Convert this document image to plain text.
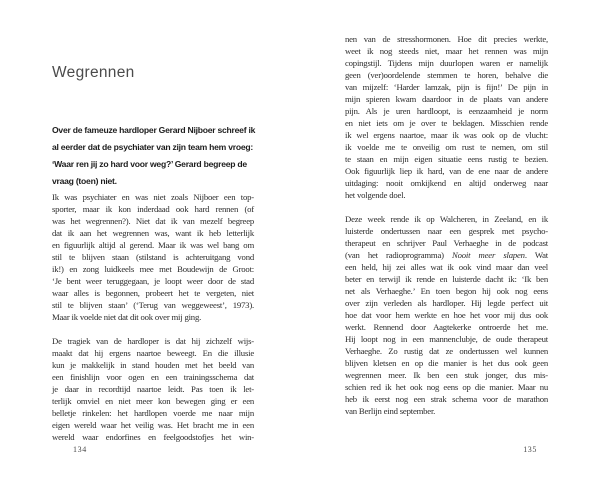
Wegrennen
Over de fameuze hardloper Gerard Nijboer schreef ik
al eerder dat de psychiater van zijn team hem vroeg:
‘Waar ren jij zo hard voor weg?’ Gerard begreep de
vraag (toen) niet.
Ik was psychiater en was niet zoals Nijboer een top-
sporter, maar ik kon inderdaad ook hard rennen (of
was het wegrennen?). Niet dat ik van mezelf begreep
dat ik aan het wegrennen was, want ik heb letterlijk
en figuurlijk altijd al gerend. Maar ik was wel bang om
stil te blijven staan (stilstand is achteruitgang vond
ik!) en zong luidkeels mee met Boudewijn de Groot:
‘Je bent weer teruggegaan, je loopt weer door de stad
waar alles is begonnen, probeert het te vergeten, niet
stil te blijven staan’ (‘Terug van weggeweest’, 1973).
Maar ik voelde niet dat dit ook over mij ging.
De tragiek van de hardloper is dat hij zichzelf wijs-
maakt dat hij ergens naartoe beweegt. En die illusie
kun je makkelijk in stand houden met het beeld van
een finishlijn voor ogen en een trainingsschema dat
je daar in recordtijd naartoe leidt. Pas toen ik let-
terlijk omviel en niet meer kon bewegen ging er een
belletje rinkelen: het hardlopen voerde me naar mijn
eigen wereld waar het veilig was. Het bracht me in een
wereld waar endorfines en feelgoodstofjes het win-
134
nen van de stresshormonen. Hoe dit precies werkte,
weet ik nog steeds niet, maar het rennen was mijn
copingstijl. Tijdens mijn duurlopen waren er namelijk
geen (ver)oordelende stemmen te horen, behalve die
van mijzelf: ‘Harder lamzak, pijn is fijn!’ De pijn in
mijn spieren kwam daardoor in de plaats van andere
pijn. Als je uren hardloopt, is eenzaamheid je norm
en niet iets om je over te beklagen. Misschien rende
ik wel ergens naartoe, maar ik was ook op de vlucht:
ik voelde me te onveilig om rust te nemen, om stil
te staan en mijn eigen situatie eens rustig te bezien.
Ook figuurlijk liep ik hard, van de ene naar de andere
uitdaging: nooit omkijkend en altijd onderweg naar
het volgende doel.
Deze week rende ik op Walcheren, in Zeeland, en ik
luisterde ondertussen naar een gesprek met psycho-
therapeut en schrijver Paul Verhaeghe in de podcast
(van het radioprogramma) Nooit meer slapen. Wat
een held, hij zei alles wat ik ook vind maar dan veel
beter en terwijl ik rende en luisterde dacht ik: ‘Ik ben
net als Verhaeghe.’ En toen begon hij ook nog eens
over zijn verleden als hardloper. Hij legde perfect uit
hoe dat voor hem werkte en hoe het voor mij dus ook
werkt. Rennend door Aagtekerke ontroerde het me.
Hij loopt nog in een mannenclubje, de oude therapeut
Verhaeghe. Zo rustig dat ze ondertussen wel kunnen
blijven kletsen en op die manier is het dus ook geen
wegrennen meer. Ik ben een stuk jonger, dus mis-
schien red ik het ook nog eens op die manier. Maar nu
heb ik eerst nog een strak schema voor de marathon
van Berlijn eind september.
135
